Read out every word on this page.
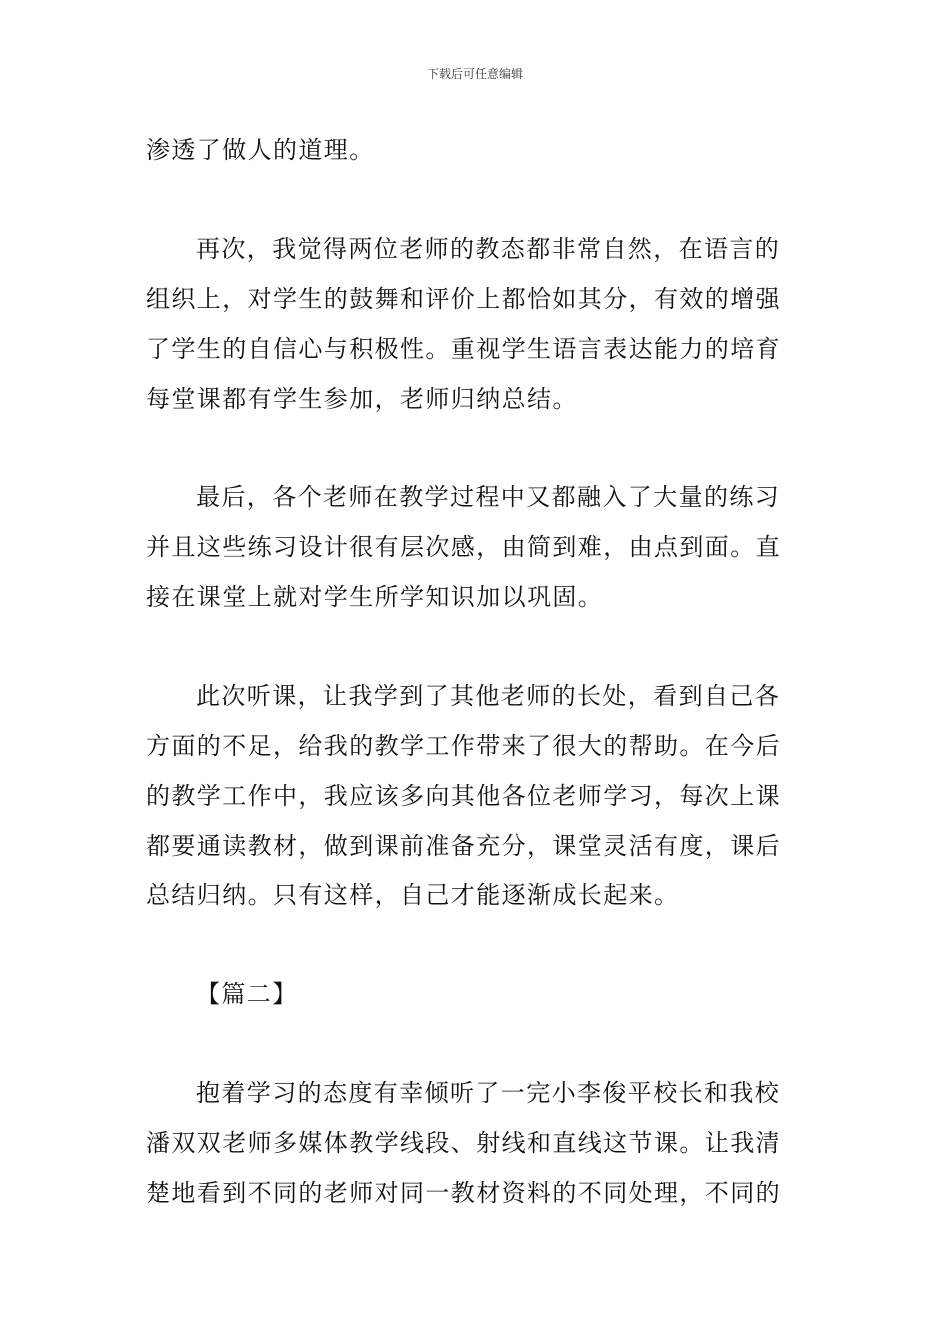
下载后可任意编辑
渗透了做人的道理。
再次，我觉得两位老师的教态都非常自然，在语言的
组织上，对学生的鼓舞和评价上都恰如其分，有效的增强
了学生的自信心与积极性。重视学生语言表达能力的培育
每堂课都有学生参加，老师归纳总结。
最后，各个老师在教学过程中又都融入了大量的练习
并且这些练习设计很有层次感，由简到难，由点到面。直
接在课堂上就对学生所学知识加以巩固。
此次听课，让我学到了其他老师的长处，看到自己各
方面的不足，给我的教学工作带来了很大的帮助。在今后
的教学工作中，我应该多向其他各位老师学习，每次上课
都要通读教材，做到课前准备充分，课堂灵活有度，课后
总结归纳。只有这样，自己才能逐渐成长起来。
【篇二】
抱着学习的态度有幸倾听了一完小李俊平校长和我校
潘双双老师多媒体教学线段、射线和直线这节课。让我清
楚地看到不同的老师对同一教材资料的不同处理，不同的
